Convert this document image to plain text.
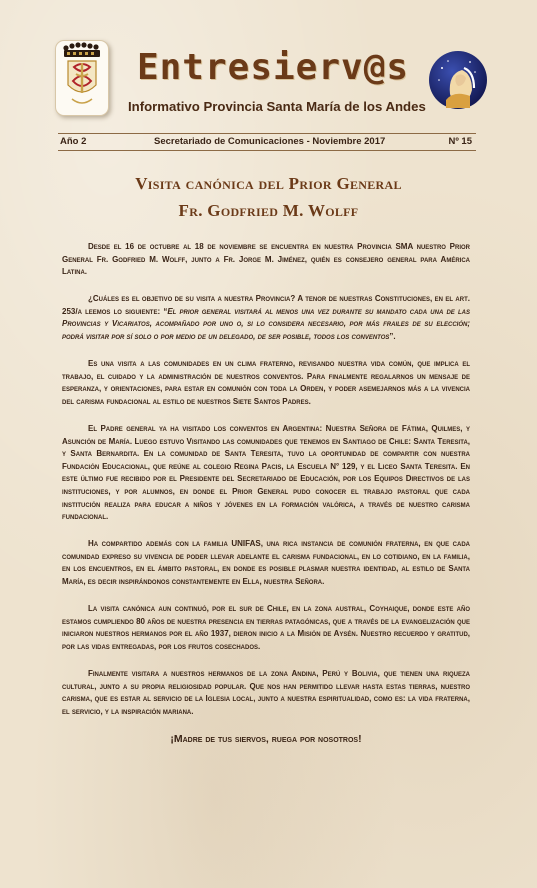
Entresierv@s
Informativo Provincia Santa María de los Andes
Año 2	Secretariado de Comunicaciones - Noviembre 2017	Nº 15
Visita canónica del Prior General
Fr. Godfried M. Wolff

Desde el 16 de octubre al 18 de noviembre se encuentra en nuestra Provincia SMA nuestro Prior General Fr. Godfried M. Wolff, junto a Fr. Jorge M. Jiménez, quién es consejero general para América Latina.

¿Cuáles es el objetivo de su visita a nuestra Provincia? A tenor de nuestras Constituciones, en el art. 253/a leemos lo siguiente: “El prior general visitará al menos una vez durante su mandato cada una de las Provincias y Vicariatos, acompañado por uno o, si lo considera necesario, por más frailes de su elección; podrá visitar por sí solo o por medio de un delegado, de ser posible, todos los conventos”.

Es una visita a las comunidades en un clima fraterno, revisando nuestra vida común, que implica el trabajo, el cuidado y la administración de nuestros conventos. Para finalmente regalarnos un mensaje de esperanza, y orientaciones, para estar en comunión con toda la Orden, y poder asemejarnos más a la vivencia del carisma fundacional al estilo de nuestros Siete Santos Padres.

El Padre general ya ha visitado los conventos en Argentina: Nuestra Señora de Fátima, Quilmes, y Asunción de María. Luego estuvo Visitando las comunidades que tenemos en Santiago de Chile: Santa Teresita, y Santa Bernardita. En la comunidad de Santa Teresita, tuvo la oportunidad de compartir con nuestra Fundación Educacional, que reúne al colegio Regina Pacis, la Escuela N° 129, y el Liceo Santa Teresita. En este último fue recibido por el Presidente del Secretariado de Educación, por los Equipos Directivos de las instituciones, y por alumnos, en donde el Prior General pudo conocer el trabajo pastoral que cada institución realiza para educar a niños y jóvenes en la formación valórica, a través de nuestro carisma fundacional.

Ha compartido además con la familia UNIFAS, una rica instancia de comunión fraterna, en que cada comunidad expreso su vivencia de poder llevar adelante el carisma fundacional, en lo cotidiano, en la familia, en los encuentros, en el ámbito pastoral, en donde es posible plasmar nuestra identidad, al estilo de Santa María, es decir inspirándonos constantemente en Ella, nuestra Señora.

La visita canónica aun continuó, por el sur de Chile, en la zona austral, Coyhaique, donde este año estamos cumpliendo 80 años de nuestra presencia en tierras patagónicas, que a través de la evangelización que iniciaron nuestros hermanos por el año 1937, dieron inicio a la Misión de Aysén. Nuestro recuerdo y gratitud, por las vidas entregadas, por los frutos cosechados.

Finalmente visitara a nuestros hermanos de la zona Andina, Perú y Bolivia, que tienen una riqueza cultural, junto a su propia religiosidad popular. Que nos han permitido llevar hasta estas tierras, nuestro carisma, que es estar al servicio de la Iglesia local, junto a nuestra espiritualidad, como es: la vida fraterna, el servicio, y la inspiración mariana.

¡Madre de tus siervos, ruega por nosotros!
